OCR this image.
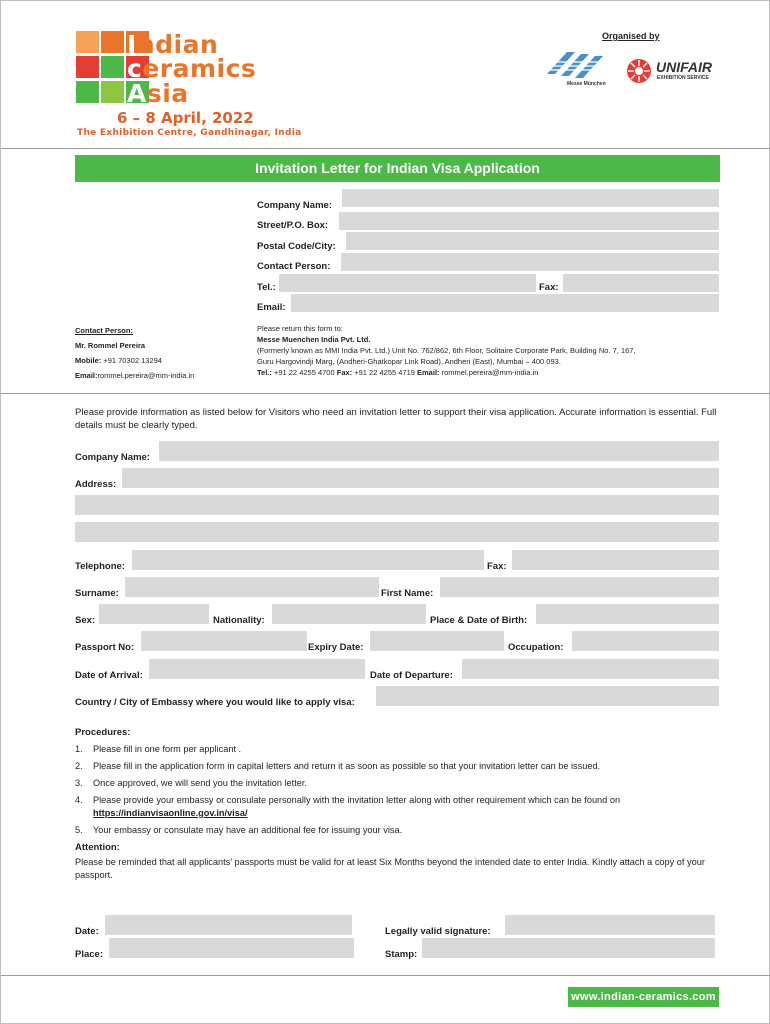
Indian
ceramics
Asia
6 – 8 April, 2022
The Exhibition Centre, Gandhinagar, India
Organised by
Messe München
UNIFAIR
EXHIBITION SERVICE
Invitation Letter for Indian Visa Application
Company Name:
Street/P.O. Box:
Postal Code/City:
Contact Person:
Tel.:	Fax:
Email:
Contact Person:
Mr. Rommel Pereira
Mobile: +91 70302 13294
Email:rommel.pereira@mm-india.in
Please return this form to:
Messe Muenchen India Pvt. Ltd.
(Formerly known as MMI India Pvt. Ltd.) Unit No. 762/862, 6th Floor, Solitaire Corporate Park, Building No. 7, 167,
Guru Hargovindji Marg, (Andheri-Ghatkopar Link Road), Andheri (East), Mumbai – 400 093.
Tel.: +91 22 4255 4700 Fax: +91 22 4255 4719 Email: rommel.pereira@mm-india.in
Please provide information as listed below for Visitors who need an invitation letter to support their visa application. Accurate information is essential. Full details must be clearly typed.
Company Name:
Address:
Telephone:	Fax:
Surname:	First Name:
Sex:	Nationality:	Place & Date of Birth:
Passport No:	Expiry Date:	Occupation:
Date of Arrival:	Date of Departure:
Country / City of Embassy where you would like to apply visa:
Procedures:
1. Please fill in one form per applicant .
2. Please fill in the application form in capital letters and return it as soon as possible so that your invitation letter can be issued.
3. Once approved, we will send you the invitation letter.
4. Please provide your embassy or consulate personally with the invitation letter along with other requirement which can be found on
https://indianvisaonline.gov.in/visa/
5. Your embassy or consulate may have an additional fee for issuing your visa.
Attention:
Please be reminded that all applicants’ passports must be valid for at least Six Months beyond the intended date to enter India. Kindly attach a copy of your passport.
Date:	Legally valid signature:
Place:	Stamp:
www.indian-ceramics.com
